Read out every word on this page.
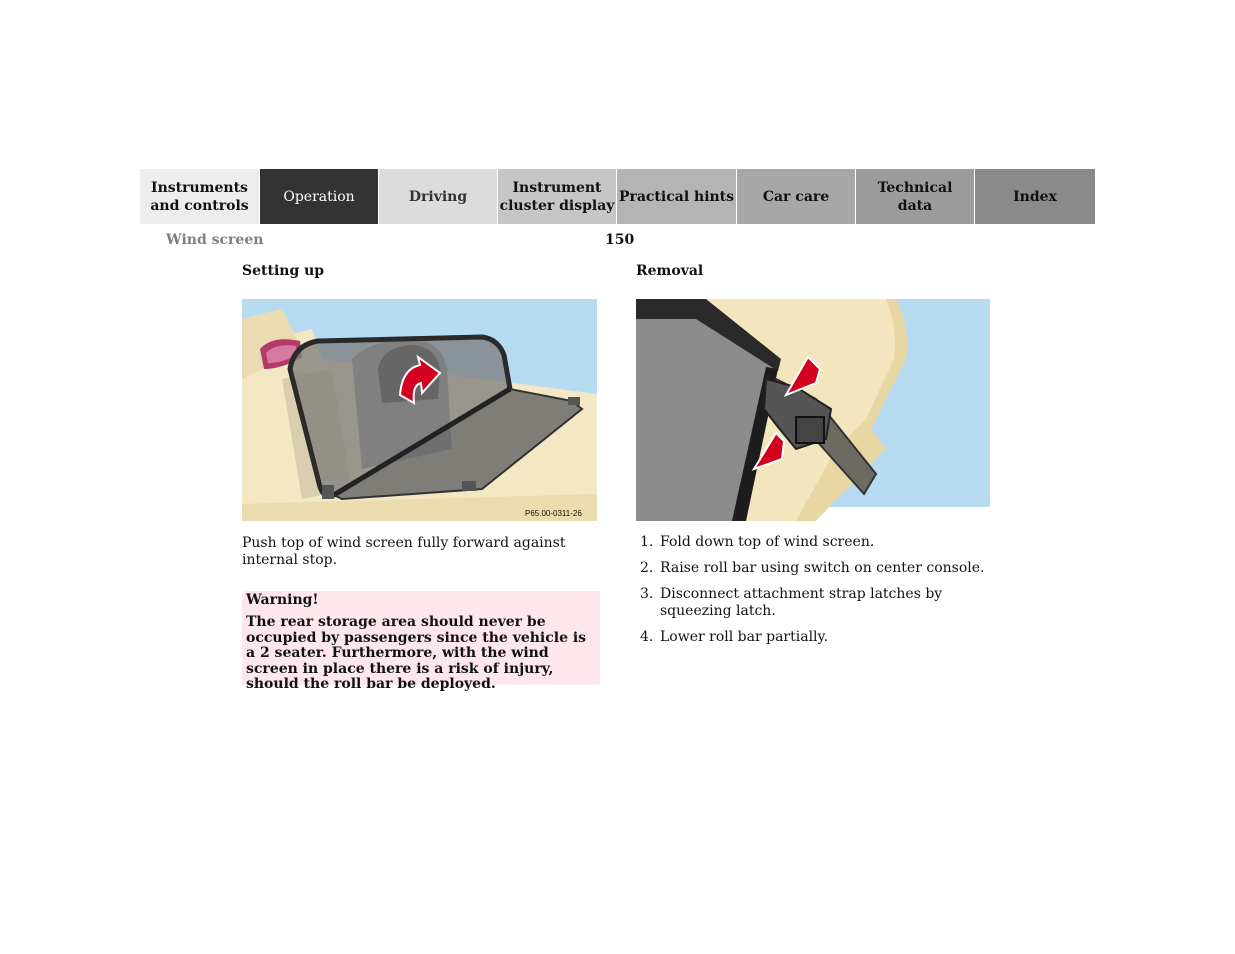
Instruments
and controls
Operation	Driving
Instrument
cluster display
Practical hints Car care
Technical
data
Index
Wind screen	150
Setting up
P65.00-0311-26
Push top of wind screen fully forward against internal stop.
Warning!
The rear storage area should never be occupied by passengers since the vehicle is a 2 seater. Furthermore, with the wind screen in place there is a risk of injury, should the roll bar be deployed.
Removal
1. Fold down top of wind screen.
2. Raise roll bar using switch on center console.
3. Disconnect attachment strap latches by squeezing latch.
4. Lower roll bar partially.
